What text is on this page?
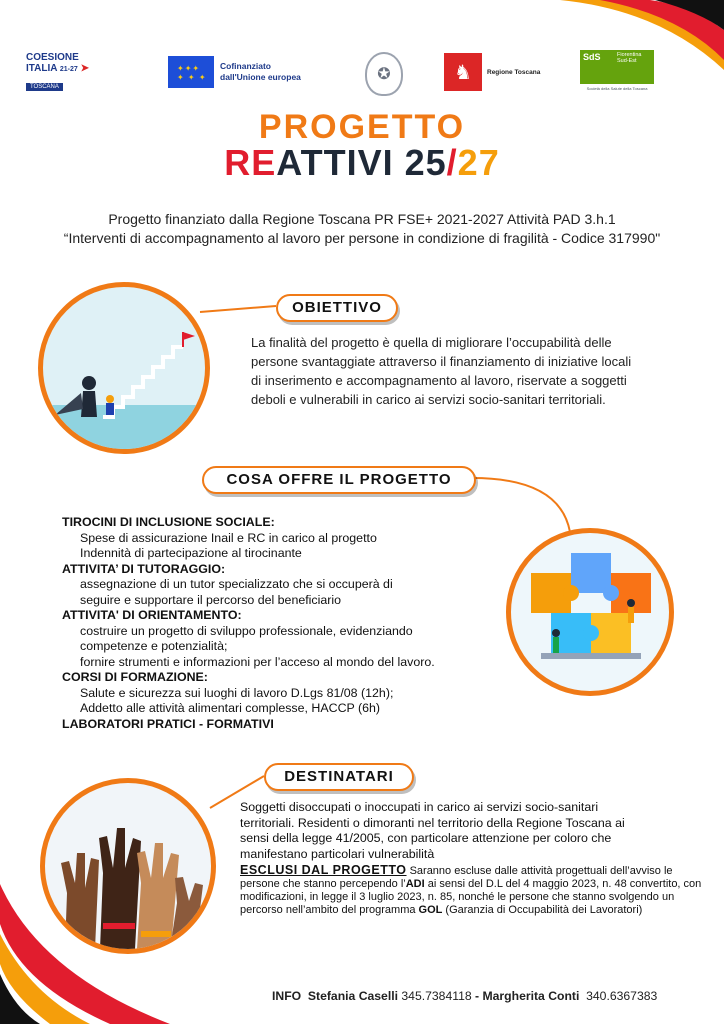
COESIONE
ITALIA 21-27 ➤
TOSCANA
✦✦✦
✦ ✦ ✦
Cofinanziato
dall'Unione europea	✪	♞	Regione Toscana
SdS	Fiorentina Sud-Est
Società della Salute della Toscana
PROGETTO
REATTIVI 25/27
Progetto finanziato dalla Regione Toscana PR FSE+ 2021-2027 Attività PAD 3.h.1
“Interventi di accompagnamento al lavoro per persone in condizione di fragilità - Codice 317990"
OBIETTIVO
La finalità del progetto è quella di migliorare l’occupabilità delle
persone svantaggiate attraverso il finanziamento di iniziative locali
di inserimento e accompagnamento al lavoro, riservate a soggetti
deboli e vulnerabili in carico ai servizi socio-sanitari territoriali.
COSA OFFRE IL PROGETTO
TIROCINI DI INCLUSIONE SOCIALE:
Spese di assicurazione Inail e RC in carico al progetto
Indennità di partecipazione al tirocinante
ATTIVITA’ DI TUTORAGGIO:
assegnazione di un tutor specializzato che si occuperà di
seguire e supportare il percorso del beneficiario
ATTIVITA' DI ORIENTAMENTO:
costruire un progetto di sviluppo professionale, evidenziando
competenze e potenzialità;
fornire strumenti e informazioni per l’acceso al mondo del lavoro.
CORSI DI FORMAZIONE:
Salute e sicurezza sui luoghi di lavoro D.Lgs 81/08 (12h);
Addetto alle attività alimentari complesse, HACCP (6h)
LABORATORI PRATICI - FORMATIVI
DESTINATARI
Soggetti disoccupati o inoccupati in carico ai servizi socio-sanitari
territoriali. Residenti o dimoranti nel territorio della Regione Toscana ai
sensi della legge 41/2005, con particolare attenzione per coloro che
manifestano particolari vulnerabilità
ESCLUSI DAL PROGETTO Saranno escluse dalle attività progettuali dell’avviso le persone che stanno percependo l’ADI ai sensi del D.L del 4 maggio 2023, n. 48 convertito, con modificazioni, in legge il 3 luglio 2023, n. 85, nonché le persone che stanno svolgendo un percorso nell’ambito del programma GOL (Garanzia di Occupabilità dei Lavoratori)
INFO Stefania Caselli 345.7384118 - Margherita Conti 340.6367383
